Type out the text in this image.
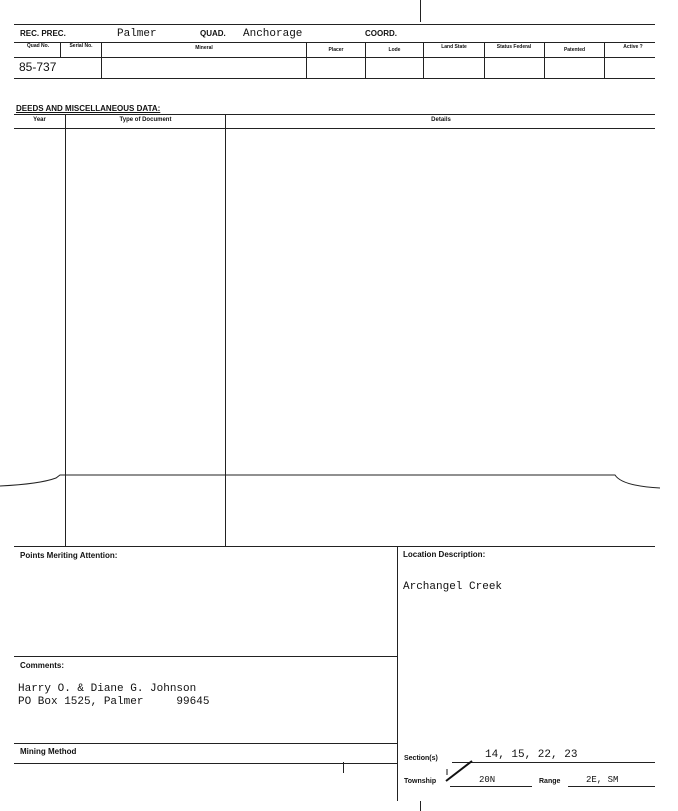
REC. PREC.	Palmer	QUAD. Anchorage	COORD.
Quad No.	Serial No.	Mineral	Placer	Lode	Land State	Status Federal	Patented	Active ?
85-737
DEEDS AND MISCELLANEOUS DATA:
Year	Type of Document	Details
Points Meriting Attention:	Location Description:
Archangel Creek
Comments:
Harry O. & Diane G. Johnson
PO Box 1525, Palmer     99645
Mining Method
Section(s)	14, 15, 22, 23
Township	20N	Range	2E, SM
